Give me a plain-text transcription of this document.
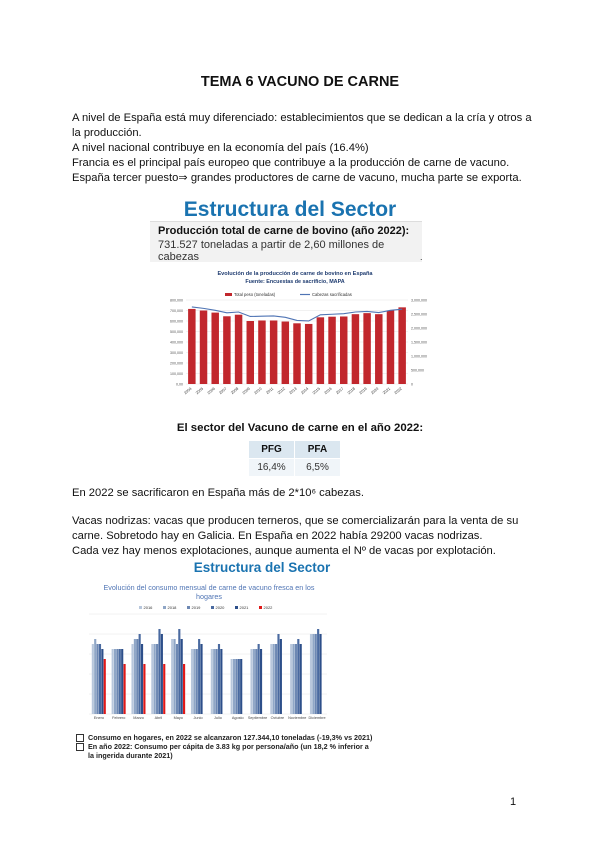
TEMA 6 VACUNO DE CARNE

A nivel de España está muy diferenciado: establecimientos que se dedican a la cría y otros a la producción.

A nivel nacional contribuye en la economía del país (16.4%)

Francia es el principal país europeo que contribuye a la producción de carne de vacuno.

España tercer puesto⇒ grandes productores de carne de vacuno, mucha parte se exporta.

Estructura del Sector
Producción total de carne de bovino (año 2022):
731.527 toneladas a partir de 2,60 millones de cabezas	.
Evolución de la producción de carne de bovino en España
Fuente: Encuestas de sacrificio, MAPA
Total peso (toneladas)	Cabezas sacrificadas
0,00
100,000
200,000
300,000
400,000
500,000
600,000
700,000
800,000
0
500,000
1,000,000
1,500,000
2,000,000
2,500,000
3,000,000
2004 2005 2006 2007 2008 2009 2010 2011 2012 2013 2014 2015 2016 2017 2018 2019 2020 2021 2022
El sector del Vacuno de carne en el año 2022:
PFG	PFA
16,4%	6,5%
En 2022 se sacrificaron en España más de 2*10⁶ cabezas.

Vacas nodrizas: vacas que producen terneros, que se comercializarán para la venta de su carne. Sobretodo hay en Galicia. En España en 2022 había 29200 vacas nodrizas.

Cada vez hay menos explotaciones, aunque aumenta el Nº de vacas por explotación.

Estructura del Sector
Evolución del consumo mensual de carne de vacuno fresca en los
hogares
2016	2018	2019	2020	2021	2022
Enero Febrero Marzo	Abril	Mayo	Junio	Julio	Agosto Septiembre Octubre Noviembre Diciembre
Consumo en hogares, en 2022 se alcanzaron 127.344,10 toneladas (-19,3% vs 2021)
En año 2022: Consumo per cápita de 3.83 kg por persona/año (un 18,2 % inferior a la ingerida durante 2021)
1
